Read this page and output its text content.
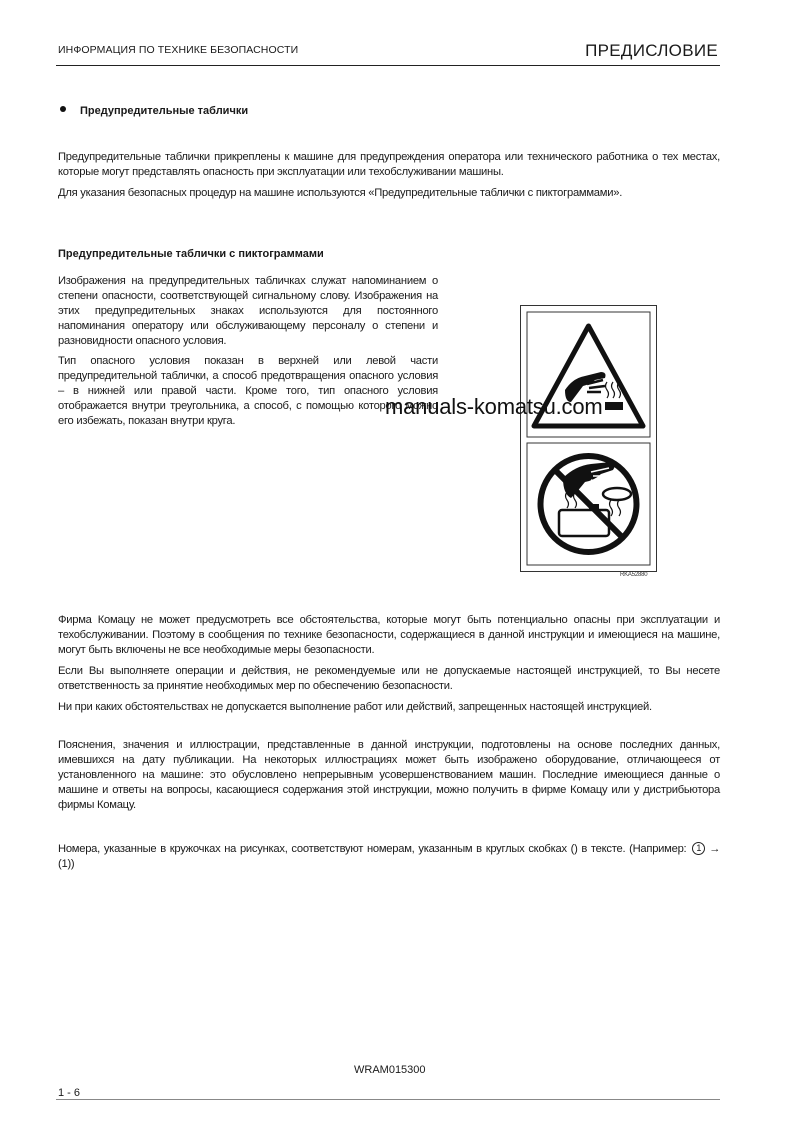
ИНФОРМАЦИЯ ПО ТЕХНИКЕ БЕЗОПАСНОСТИ	ПРЕДИСЛОВИЕ
Предупредительные таблички
Предупредительные таблички прикреплены к машине для предупреждения оператора или технического работника о тех местах, которые могут представлять опасность при эксплуатации или техобслуживании машины.
Для указания безопасных процедур на машине используются «Предупредительные таблички с пиктограммами».
Предупредительные таблички с пиктограммами
Изображения на предупредительных табличках служат напоминанием о степени опасности, соответствующей сигнальному слову. Изображения на этих предупредительных знаках используются для постоянного напоминания оператору или обслуживающему персоналу о степени и разновидности опасного условия.
Тип опасного условия показан в верхней или левой части предупредительной таблички, а способ предотвращения опасного условия – в нижней или правой части. Кроме того, тип опасного условия отображается внутри треугольника, а способ, с помощью которого можно его избежать, показан внутри круга.
RKA52880
manuals-komatsu.com
Фирма Комацу не может предусмотреть все обстоятельства, которые могут быть потенциально опасны при эксплуатации и техобслуживании. Поэтому в сообщения по технике безопасности, содержащиеся в данной инструкции и имеющиеся на машине, могут быть включены не все необходимые меры безопасности.
Если Вы выполняете операции и действия, не рекомендуемые или не допускаемые настоящей инструкцией, то Вы несете ответственность за принятие необходимых мер по обеспечению безопасности.
Ни при каких обстоятельствах не допускается выполнение работ или действий, запрещенных настоящей инструкцией.
Пояснения, значения и иллюстрации, представленные в данной инструкции, подготовлены на основе последних данных, имевшихся на дату публикации. На некоторых иллюстрациях может быть изображено оборудование, отличающееся от установленного на машине: это обусловлено непрерывным усовершенствованием машин. Последние имеющиеся данные о машине и ответы на вопросы, касающиеся содержания этой инструкции, можно получить в фирме Комацу или у дистрибьютора фирмы Комацу.
Номера, указанные в кружочках на рисунках, соответствуют номерам, указанным в круглых скобках () в тексте. (Например: 1 → (1))
WRAM015300
1 - 6
